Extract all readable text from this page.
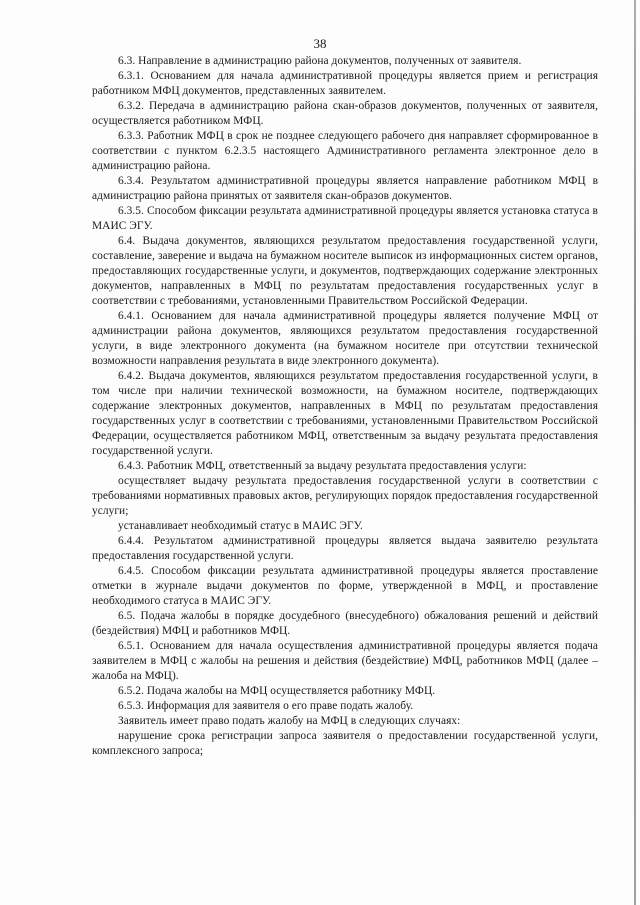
38

6.3. Направление в администрацию района документов, полученных от заявителя.

6.3.1. Основанием для начала административной процедуры является прием и регистрация работником МФЦ документов, представленных заявителем.

6.3.2. Передача в администрацию района скан-образов документов, полученных от заявителя, осуществляется работником МФЦ.

6.3.3. Работник МФЦ в срок не позднее следующего рабочего дня направляет сформированное в соответствии с пунктом 6.2.3.5 настоящего Административного регламента электронное дело в администрацию района.

6.3.4. Результатом административной процедуры является направление работником МФЦ в администрацию района принятых от заявителя скан-образов документов.

6.3.5. Способом фиксации результата административной процедуры является установка статуса в МАИС ЭГУ.

6.4. Выдача документов, являющихся результатом предоставления государственной услуги, составление, заверение и выдача на бумажном носителе выписок из информационных систем органов, предоставляющих государственные услуги, и документов, подтверждающих содержание электронных документов, направленных в МФЦ по результатам предоставления государственных услуг в соответствии с требованиями, установленными Правительством Российской Федерации.

6.4.1. Основанием для начала административной процедуры является получение МФЦ от администрации района документов, являющихся результатом предоставления государственной услуги, в виде электронного документа (на бумажном носителе при отсутствии технической возможности направления результата в виде электронного документа).

6.4.2. Выдача документов, являющихся результатом предоставления государственной услуги, в том числе при наличии технической возможности, на бумажном носителе, подтверждающих содержание электронных документов, направленных в МФЦ по результатам предоставления государственных услуг в соответствии с требованиями, установленными Правительством Российской Федерации, осуществляется работником МФЦ, ответственным за выдачу результата предоставления государственной услуги.

6.4.3. Работник МФЦ, ответственный за выдачу результата предоставления услуги:

осуществляет выдачу результата предоставления государственной услуги в соответствии с требованиями нормативных правовых актов, регулирующих порядок предоставления государственной услуги;

устанавливает необходимый статус в МАИС ЭГУ.

6.4.4. Результатом административной процедуры является выдача заявителю результата предоставления государственной услуги.

6.4.5. Способом фиксации результата административной процедуры является проставление отметки в журнале выдачи документов по форме, утвержденной в МФЦ, и проставление необходимого статуса в МАИС ЭГУ.

6.5. Подача жалобы в порядке досудебного (внесудебного) обжалования решений и действий (бездействия) МФЦ и работников МФЦ.

6.5.1. Основанием для начала осуществления административной процедуры является подача заявителем в МФЦ с жалобы на решения и действия (бездействие) МФЦ, работников МФЦ (далее – жалоба на МФЦ).

6.5.2. Подача жалобы на МФЦ осуществляется работнику МФЦ.

6.5.3. Информация для заявителя о его праве подать жалобу.

Заявитель имеет право подать жалобу на МФЦ в следующих случаях:

нарушение срока регистрации запроса заявителя о предоставлении государственной услуги, комплексного запроса;
